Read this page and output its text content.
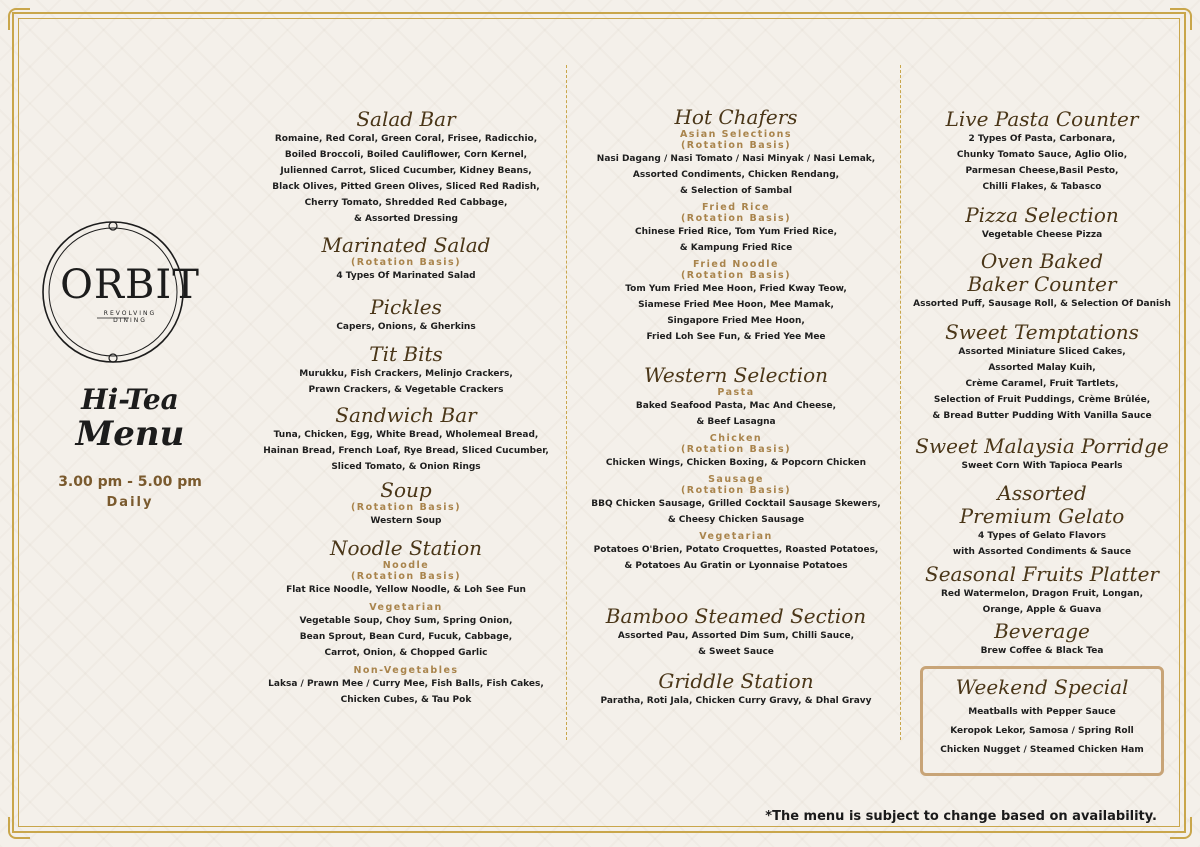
ORBIT
REVOLVING
DINING
Hi-Tea
Menu
3.00 pm - 5.00 pm
Daily
Salad Bar
Romaine, Red Coral, Green Coral, Frisee, Radicchio,
Boiled Broccoli, Boiled Cauliflower, Corn Kernel,
Julienned Carrot, Sliced Cucumber, Kidney Beans,
Black Olives, Pitted Green Olives, Sliced Red Radish,
Cherry Tomato, Shredded Red Cabbage,
& Assorted Dressing
Marinated Salad
(Rotation Basis)
4 Types Of Marinated Salad
Pickles
Capers, Onions, & Gherkins
Tit Bits
Murukku, Fish Crackers, Melinjo Crackers,
Prawn Crackers, & Vegetable Crackers
Sandwich Bar
Tuna, Chicken, Egg, White Bread, Wholemeal Bread,
Hainan Bread, French Loaf, Rye Bread, Sliced Cucumber,
Sliced Tomato, & Onion Rings
Soup
(Rotation Basis)
Western Soup
Noodle Station
Noodle
(Rotation Basis)
Flat Rice Noodle, Yellow Noodle, & Loh See Fun
Vegetarian
Vegetable Soup, Choy Sum, Spring Onion,
Bean Sprout, Bean Curd, Fucuk, Cabbage,
Carrot, Onion, & Chopped Garlic
Non-Vegetables
Laksa / Prawn Mee / Curry Mee, Fish Balls, Fish Cakes,
Chicken Cubes, & Tau Pok
Hot Chafers
Asian Selections
(Rotation Basis)
Nasi Dagang / Nasi Tomato / Nasi Minyak / Nasi Lemak,
Assorted Condiments, Chicken Rendang,
& Selection of Sambal
Fried Rice
(Rotation Basis)
Chinese Fried Rice, Tom Yum Fried Rice,
& Kampung Fried Rice
Fried Noodle
(Rotation Basis)
Tom Yum Fried Mee Hoon, Fried Kway Teow,
Siamese Fried Mee Hoon, Mee Mamak,
Singapore Fried Mee Hoon,
Fried Loh See Fun, & Fried Yee Mee
Western Selection
Pasta
Baked Seafood Pasta, Mac And Cheese,
& Beef Lasagna
Chicken
(Rotation Basis)
Chicken Wings, Chicken Boxing, & Popcorn Chicken
Sausage
(Rotation Basis)
BBQ Chicken Sausage, Grilled Cocktail Sausage Skewers,
& Cheesy Chicken Sausage
Vegetarian
Potatoes O'Brien, Potato Croquettes, Roasted Potatoes,
& Potatoes Au Gratin or Lyonnaise Potatoes
Bamboo Steamed Section
Assorted Pau, Assorted Dim Sum, Chilli Sauce,
& Sweet Sauce
Griddle Station
Paratha, Roti Jala, Chicken Curry Gravy, & Dhal Gravy
Live Pasta Counter
2 Types Of Pasta, Carbonara,
Chunky Tomato Sauce, Aglio Olio,
Parmesan Cheese,Basil Pesto,
Chilli Flakes, & Tabasco
Pizza Selection
Vegetable Cheese Pizza
Oven Baked
Baker Counter
Assorted Puff, Sausage Roll, & Selection Of Danish
Sweet Temptations
Assorted Miniature Sliced Cakes,
Assorted Malay Kuih,
Crème Caramel, Fruit Tartlets,
Selection of Fruit Puddings, Crème Brûlée,
& Bread Butter Pudding With Vanilla Sauce
Sweet Malaysia Porridge
Sweet Corn With Tapioca Pearls
Assorted
Premium Gelato
4 Types of Gelato Flavors
with Assorted Condiments & Sauce
Seasonal Fruits Platter
Red Watermelon, Dragon Fruit, Longan,
Orange, Apple & Guava
Beverage
Brew Coffee & Black Tea
Weekend Special
Meatballs with Pepper Sauce
Keropok Lekor, Samosa / Spring Roll
Chicken Nugget / Steamed Chicken Ham
*The menu is subject to change based on availability.
